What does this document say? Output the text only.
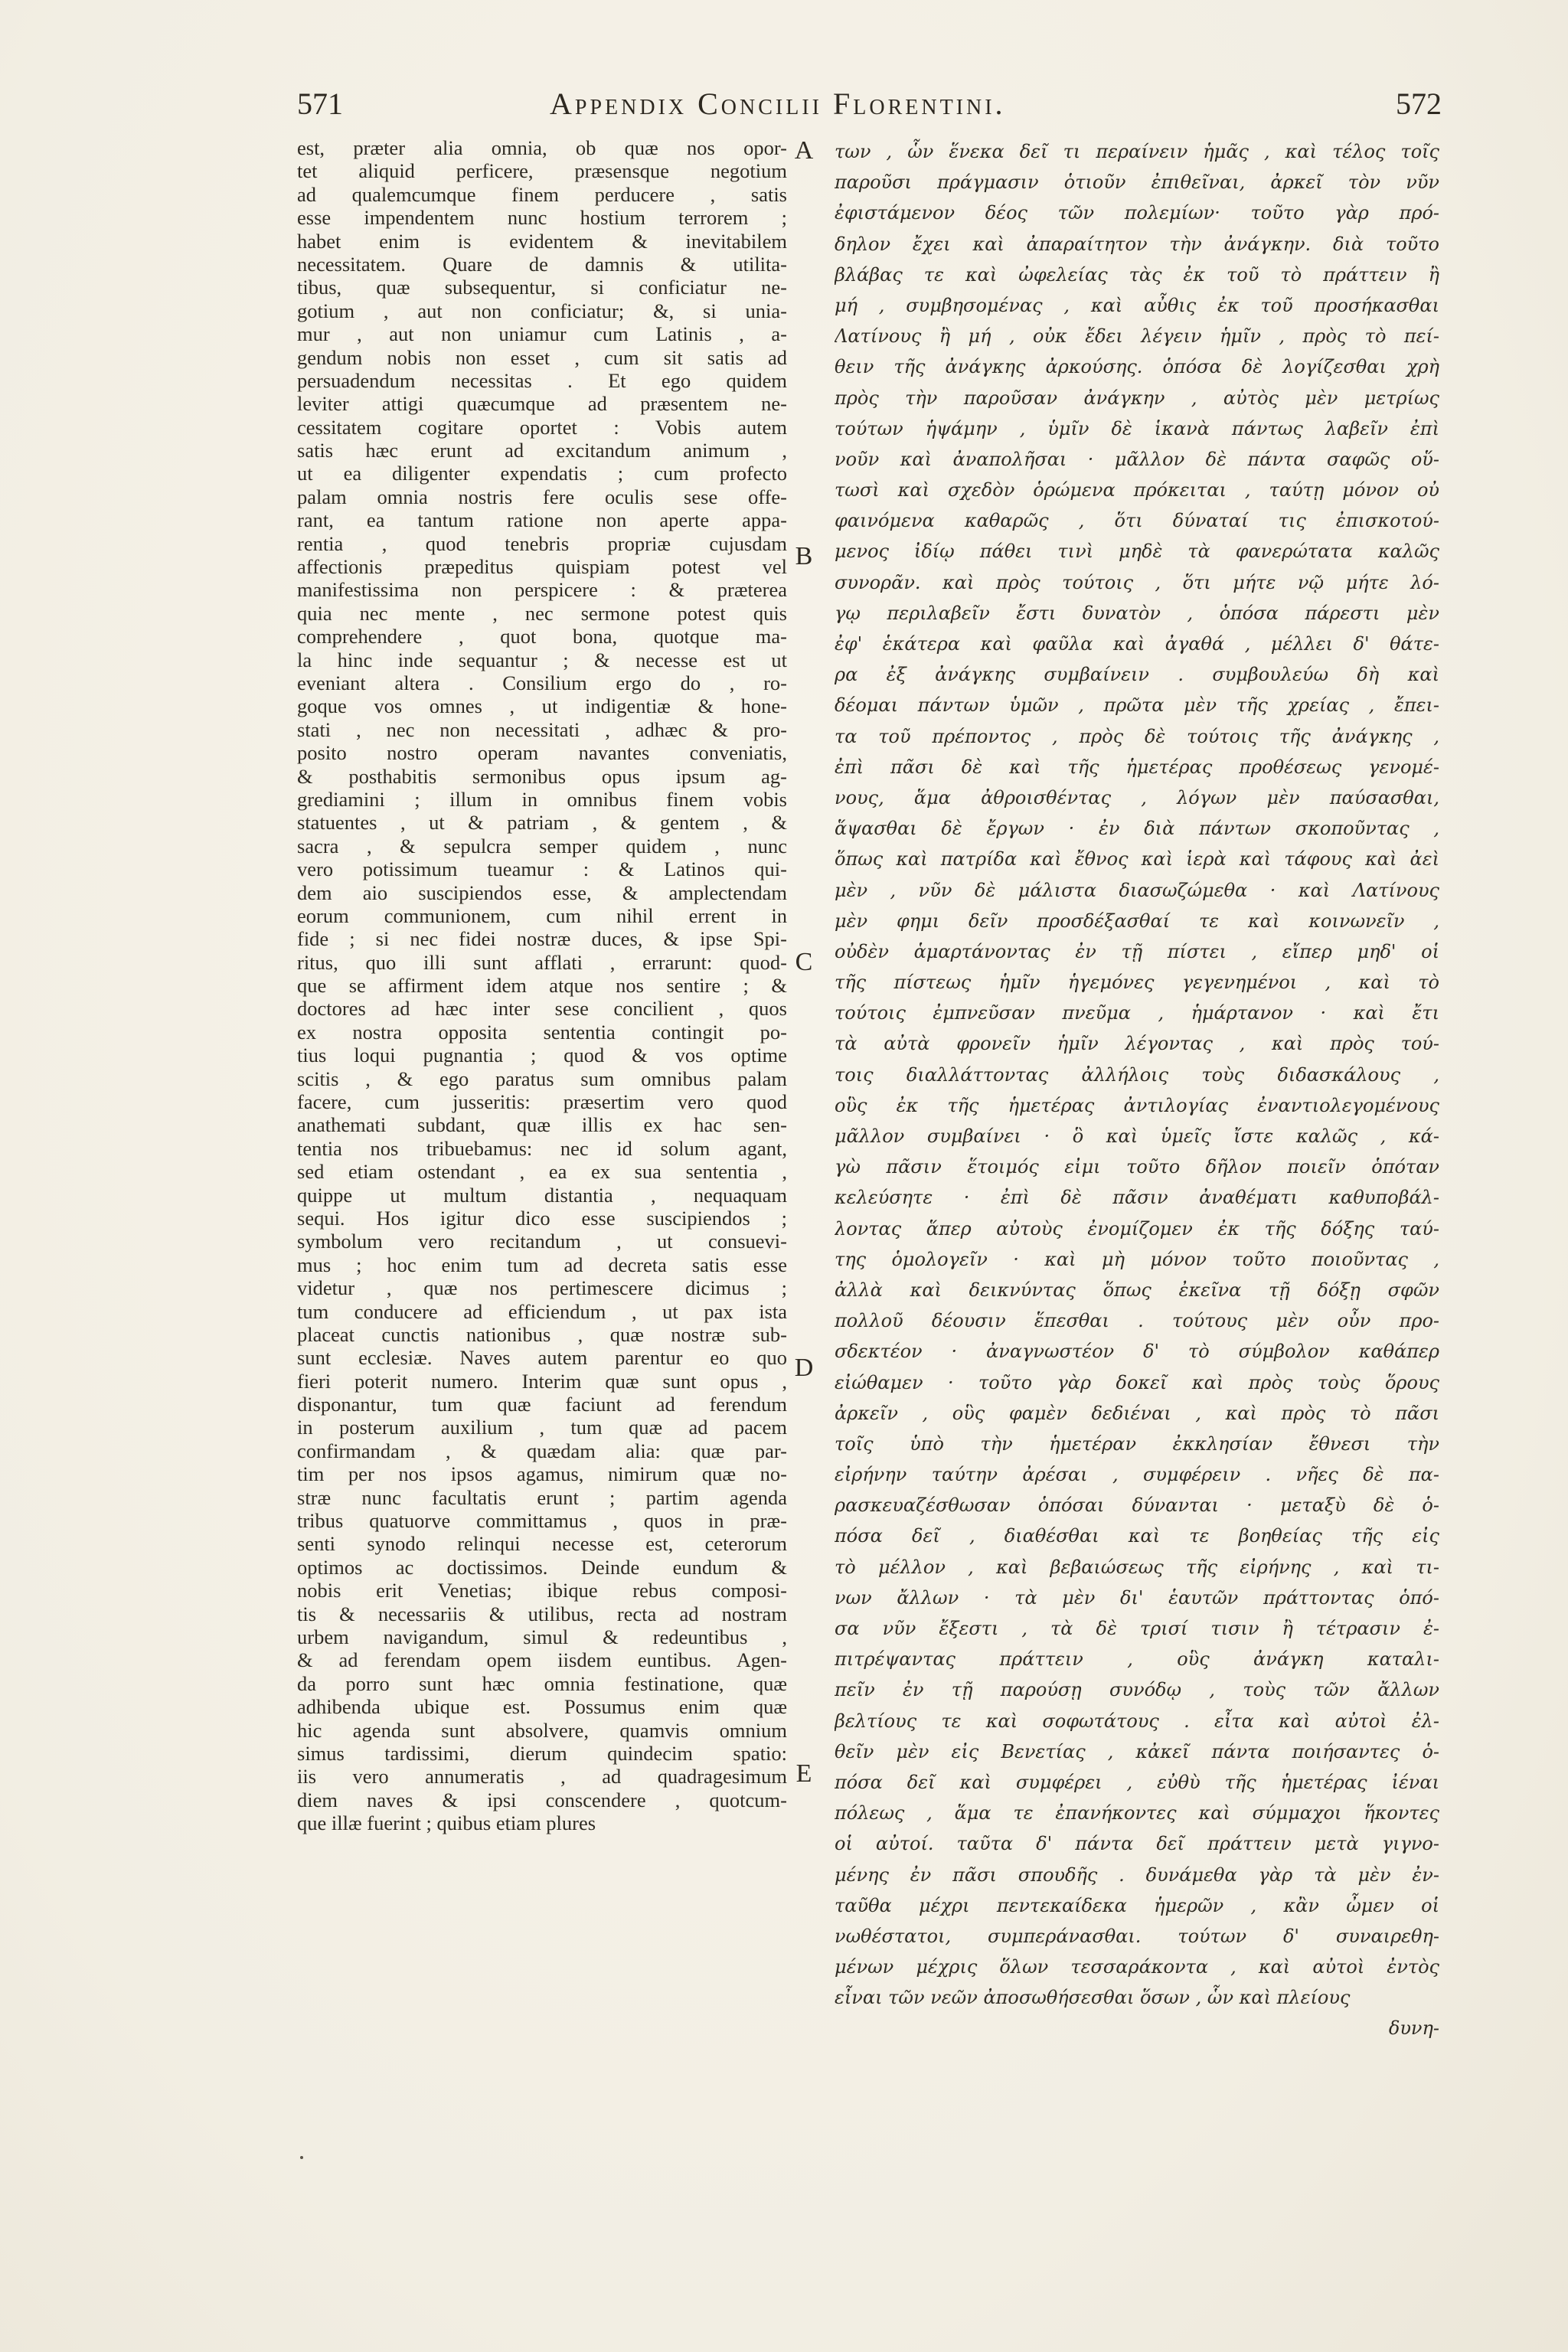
571	Appendix Concilii Florentini.	572
est, præter alia omnia, ob quæ nos opor-
tet aliquid perficere, præsensque negotium
ad qualemcumque finem perducere , satis
esse impendentem nunc hostium terrorem ;
habet enim is evidentem & inevitabilem
necessitatem. Quare de damnis & utilita-
tibus, quæ subsequentur, si conficiatur ne-
gotium , aut non conficiatur; &, si unia-
mur , aut non uniamur cum Latinis , a-
gendum nobis non esset , cum sit satis ad
persuadendum necessitas . Et ego quidem
leviter attigi quæcumque ad præsentem ne-
cessitatem cogitare oportet : Vobis autem
satis hæc erunt ad excitandum animum ,
ut ea diligenter expendatis ; cum profecto
palam omnia nostris fere oculis sese offe-
rant, ea tantum ratione non aperte appa-
rentia , quod tenebris propriæ cujusdam
affectionis præpeditus quispiam potest vel
manifestissima non perspicere : & præterea
quia nec mente , nec sermone potest quis
comprehendere , quot bona, quotque ma-
la hinc inde sequantur ; & necesse est ut
eveniant altera . Consilium ergo do , ro-
goque vos omnes , ut indigentiæ & hone-
stati , nec non necessitati , adhæc & pro-
posito nostro operam navantes conveniatis,
& posthabitis sermonibus opus ipsum ag-
grediamini ; illum in omnibus finem vobis
statuentes , ut & patriam , & gentem , &
sacra , & sepulcra semper quidem , nunc
vero potissimum tueamur : & Latinos qui-
dem aio suscipiendos esse, & amplectendam
eorum communionem, cum nihil errent in
fide ; si nec fidei nostræ duces, & ipse Spi-
ritus, quo illi sunt afflati , errarunt: quod-
que se affirment idem atque nos sentire ; &
doctores ad hæc inter sese concilient , quos
ex nostra opposita sententia contingit po-
tius loqui pugnantia ; quod & vos optime
scitis , & ego paratus sum omnibus palam
facere, cum jusseritis: præsertim vero quod
anathemati subdant, quæ illis ex hac sen-
tentia nos tribuebamus: nec id solum agant,
sed etiam ostendant , ea ex sua sententia ,
quippe ut multum distantia , nequaquam
sequi. Hos igitur dico esse suscipiendos ;
symbolum vero recitandum , ut consuevi-
mus ; hoc enim tum ad decreta satis esse
videtur , quæ nos pertimescere dicimus ;
tum conducere ad efficiendum , ut pax ista
placeat cunctis nationibus , quæ nostræ sub-
sunt ecclesiæ. Naves autem parentur eo quo
fieri poterit numero. Interim quæ sunt opus ,
disponantur, tum quæ faciunt ad ferendum
in posterum auxilium , tum quæ ad pacem
confirmandam , & quædam alia: quæ par-
tim per nos ipsos agamus, nimirum quæ no-
stræ nunc facultatis erunt ; partim agenda
tribus quatuorve committamus , quos in præ-
senti synodo relinqui necesse est, ceterorum
optimos ac doctissimos. Deinde eundum &
nobis erit Venetias; ibique rebus composi-
tis & necessariis & utilibus, recta ad nostram
urbem navigandum, simul & redeuntibus ,
& ad ferendam opem iisdem euntibus. Agen-
da porro sunt hæc omnia festinatione, quæ
adhibenda ubique est. Possumus enim quæ
hic agenda sunt absolvere, quamvis omnium
simus tardissimi, dierum quindecim spatio:
iis vero annumeratis , ad quadragesimum
diem naves & ipsi conscendere , quotcum-
que illæ fuerint ; quibus etiam plures
A
B
C
D
E
των , ὧν ἕνεκα δεῖ τι περαίνειν ἡμᾶς , καὶ τέλος τοῖς
παροῦσι πράγμασιν ὁτιοῦν ἐπιθεῖναι, ἀρκεῖ τὸν νῦν
ἐφιστάμενον δέος τῶν πολεμίων· τοῦτο γὰρ πρό-
δηλον ἔχει καὶ ἀπαραίτητον τὴν ἀνάγκην. διὰ τοῦτο
βλάβας τε καὶ ὠφελείας τὰς ἐκ τοῦ τὸ πράττειν ἢ
μή , συμβησομένας , καὶ αὖθις ἐκ τοῦ προσήκασθαι
Λατίνους ἢ μή , οὐκ ἔδει λέγειν ἡμῖν , πρὸς τὸ πεί-
θειν τῆς ἀνάγκης ἀρκούσης. ὁπόσα δὲ λογίζεσθαι χρὴ
πρὸς τὴν παροῦσαν ἀνάγκην , αὐτὸς μὲν μετρίως
τούτων ἡψάμην , ὑμῖν δὲ ἱκανὰ πάντως λαβεῖν ἐπὶ
νοῦν καὶ ἀναπολῆσαι · μᾶλλον δὲ πάντα σαφῶς οὕ-
τωσὶ καὶ σχεδὸν ὁρώμενα πρόκειται , ταύτῃ μόνον οὐ
φαινόμενα καθαρῶς , ὅτι δύναταί τις ἐπισκοτού-
μενος ἰδίῳ πάθει τινὶ μηδὲ τὰ φανερώτατα καλῶς
συνορᾶν. καὶ πρὸς τούτοις , ὅτι μήτε νῷ μήτε λό-
γῳ περιλαβεῖν ἔστι δυνατὸν , ὁπόσα πάρεστι μὲν
ἐφ' ἑκάτερα καὶ φαῦλα καὶ ἀγαθά , μέλλει δ' θάτε-
ρα ἐξ ἀνάγκης συμβαίνειν . συμβουλεύω δὴ καὶ
δέομαι πάντων ὑμῶν , πρῶτα μὲν τῆς χρείας , ἔπει-
τα τοῦ πρέποντος , πρὸς δὲ τούτοις τῆς ἀνάγκης ,
ἐπὶ πᾶσι δὲ καὶ τῆς ἡμετέρας προθέσεως γενομέ-
νους, ἅμα ἀθροισθέντας , λόγων μὲν παύσασθαι,
ἅψασθαι δὲ ἔργων · ἐν διὰ πάντων σκοποῦντας ,
ὅπως καὶ πατρίδα καὶ ἔθνος καὶ ἱερὰ καὶ τάφους καὶ ἀεὶ
μὲν , νῦν δὲ μάλιστα διασωζώμεθα · καὶ Λατίνους
μὲν φημι δεῖν προσδέξασθαί τε καὶ κοινωνεῖν ,
οὐδὲν ἁμαρτάνοντας ἐν τῇ πίστει , εἴπερ μηδ' οἱ
τῆς πίστεως ἡμῖν ἡγεμόνες γεγενημένοι , καὶ τὸ
τούτοις ἐμπνεῦσαν πνεῦμα , ἡμάρτανον · καὶ ἔτι
τὰ αὐτὰ φρονεῖν ἡμῖν λέγοντας , καὶ πρὸς τού-
τοις διαλλάττοντας ἀλλήλοις τοὺς διδασκάλους ,
οὓς ἐκ τῆς ἡμετέρας ἀντιλογίας ἐναντιολεγομένους
μᾶλλον συμβαίνει · ὃ καὶ ὑμεῖς ἴστε καλῶς , κά-
γὼ πᾶσιν ἕτοιμός εἰμι τοῦτο δῆλον ποιεῖν ὁπόταν
κελεύσητε · ἐπὶ δὲ πᾶσιν ἀναθέματι καθυποβάλ-
λοντας ἅπερ αὐτοὺς ἐνομίζομεν ἐκ τῆς δόξης ταύ-
της ὁμολογεῖν · καὶ μὴ μόνον τοῦτο ποιοῦντας ,
ἀλλὰ καὶ δεικνύντας ὅπως ἐκεῖνα τῇ δόξῃ σφῶν
πολλοῦ δέουσιν ἕπεσθαι . τούτους μὲν οὖν προ-
σδεκτέον · ἀναγνωστέον δ' τὸ σύμβολον καθάπερ
εἰώθαμεν · τοῦτο γὰρ δοκεῖ καὶ πρὸς τοὺς ὅρους
ἀρκεῖν , οὓς φαμὲν δεδιέναι , καὶ πρὸς τὸ πᾶσι
τοῖς ὑπὸ τὴν ἡμετέραν ἐκκλησίαν ἔθνεσι τὴν
εἰρήνην ταύτην ἀρέσαι , συμφέρειν . νῆες δὲ πα-
ρασκευαζέσθωσαν ὁπόσαι δύνανται · μεταξὺ δὲ ὁ-
πόσα δεῖ , διαθέσθαι καὶ τε βοηθείας τῆς εἰς
τὸ μέλλον , καὶ βεβαιώσεως τῆς εἰρήνης , καὶ τι-
νων ἄλλων · τὰ μὲν δι' ἑαυτῶν πράττοντας ὁπό-
σα νῦν ἔξεστι , τὰ δὲ τρισί τισιν ἢ τέτρασιν ἐ-
πιτρέψαντας πράττειν , οὓς ἀνάγκη καταλι-
πεῖν ἐν τῇ παρούσῃ συνόδῳ , τοὺς τῶν ἄλλων
βελτίους τε καὶ σοφωτάτους . εἶτα καὶ αὐτοὶ ἐλ-
θεῖν μὲν εἰς Βενετίας , κἀκεῖ πάντα ποιήσαντες ὁ-
πόσα δεῖ καὶ συμφέρει , εὐθὺ τῆς ἡμετέρας ἰέναι
πόλεως , ἅμα τε ἐπανήκοντες καὶ σύμμαχοι ἥκοντες
οἱ αὐτοί. ταῦτα δ' πάντα δεῖ πράττειν μετὰ γιγνο-
μένης ἐν πᾶσι σπουδῆς . δυνάμεθα γὰρ τὰ μὲν ἐν-
ταῦθα μέχρι πεντεκαίδεκα ἡμερῶν , κἂν ὦμεν οἱ
νωθέστατοι, συμπεράνασθαι. τούτων δ' συναιρεθη-
μένων μέχρις ὅλων τεσσαράκοντα , καὶ αὐτοὶ ἐντὸς
εἶναι τῶν νεῶν ἀποσωθήσεσθαι ὅσων , ὧν καὶ πλείους
δυνη-
